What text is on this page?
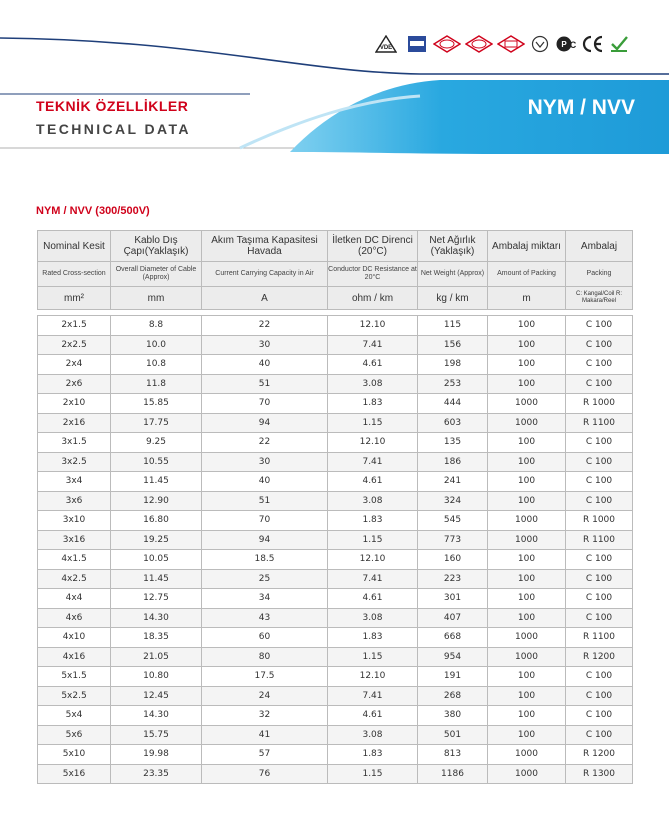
VDE	P C
TEKNİK ÖZELLİKLER
TECHNICAL DATA
NYM / NVV
NYM / NVV (300/500V)
Nominal Kesit	Kablo Dış Çapı(Yaklaşık)	Akım Taşıma Kapasitesi Havada	İletken DC Direnci (20°C)	Net Ağırlık (Yaklaşık)	Ambalaj miktarı	Ambalaj
Rated Cross-section	Overall Diameter of Cable (Approx)	Current Carrying Capacity in Air	Conductor DC Resistance at 20°C	Net Weight (Approx)	Amount of Packing	Packing
mm²	mm	A	ohm / km	kg / km	m	C: Kangal/Coil R: Makara/Reel
2x1.5	8.8	22	12.10	115	100	C 100
2x2.5	10.0	30	7.41	156	100	C 100
2x4	10.8	40	4.61	198	100	C 100
2x6	11.8	51	3.08	253	100	C 100
2x10	15.85	70	1.83	444	1000	R 1000
2x16	17.75	94	1.15	603	1000	R 1100
3x1.5	9.25	22	12.10	135	100	C 100
3x2.5	10.55	30	7.41	186	100	C 100
3x4	11.45	40	4.61	241	100	C 100
3x6	12.90	51	3.08	324	100	C 100
3x10	16.80	70	1.83	545	1000	R 1000
3x16	19.25	94	1.15	773	1000	R 1100
4x1.5	10.05	18.5	12.10	160	100	C 100
4x2.5	11.45	25	7.41	223	100	C 100
4x4	12.75	34	4.61	301	100	C 100
4x6	14.30	43	3.08	407	100	C 100
4x10	18.35	60	1.83	668	1000	R 1100
4x16	21.05	80	1.15	954	1000	R 1200
5x1.5	10.80	17.5	12.10	191	100	C 100
5x2.5	12.45	24	7.41	268	100	C 100
5x4	14.30	32	4.61	380	100	C 100
5x6	15.75	41	3.08	501	100	C 100
5x10	19.98	57	1.83	813	1000	R 1200
5x16	23.35	76	1.15	1186	1000	R 1300
